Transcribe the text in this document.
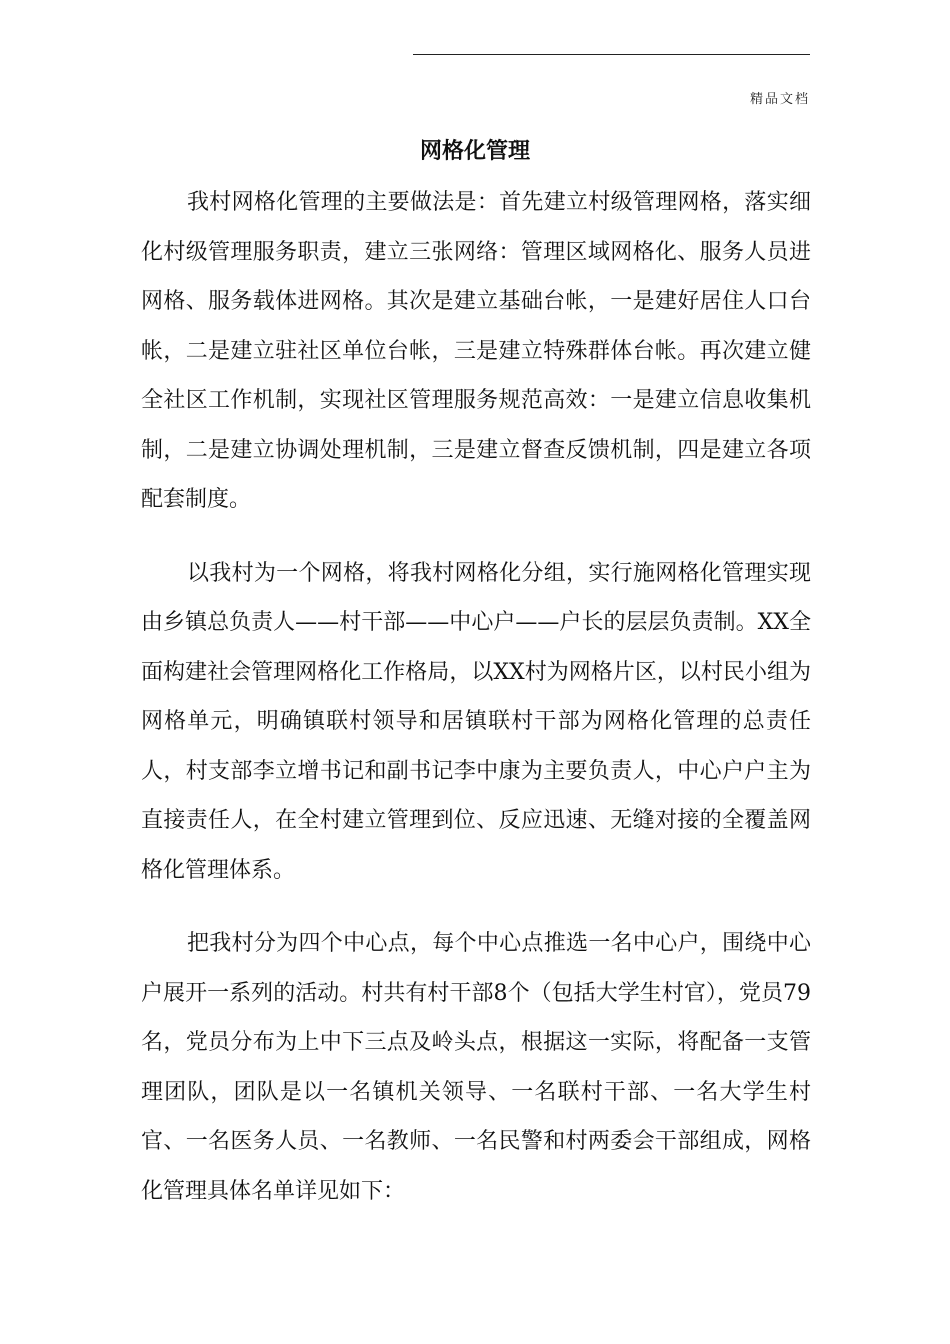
精品文档
网格化管理

我村网格化管理的主要做法是：首先建立村级管理网格，落实细化村级管理服务职责，建立三张网络：管理区域网格化、服务人员进网格、服务载体进网格。其次是建立基础台帐，一是建好居住人口台帐，二是建立驻社区单位台帐，三是建立特殊群体台帐。再次建立健全社区工作机制，实现社区管理服务规范高效：一是建立信息收集机制，二是建立协调处理机制，三是建立督查反馈机制，四是建立各项配套制度。

以我村为一个网格，将我村网格化分组，实行施网格化管理实现由乡镇总负责人——村干部——中心户——户长的层层负责制。XX全面构建社会管理网格化工作格局，以XX村为网格片区，以村民小组为网格单元，明确镇联村领导和居镇联村干部为网格化管理的总责任人，村支部李立增书记和副书记李中康为主要负责人，中心户户主为直接责任人，在全村建立管理到位、反应迅速、无缝对接的全覆盖网格化管理体系。

把我村分为四个中心点，每个中心点推选一名中心户，围绕中心户展开一系列的活动。村共有村干部8个（包括大学生村官），党员79名，党员分布为上中下三点及岭头点，根据这一实际，将配备一支管理团队，团队是以一名镇机关领导、一名联村干部、一名大学生村官、一名医务人员、一名教师、一名民警和村两委会干部组成，网格化管理具体名单详见如下：
